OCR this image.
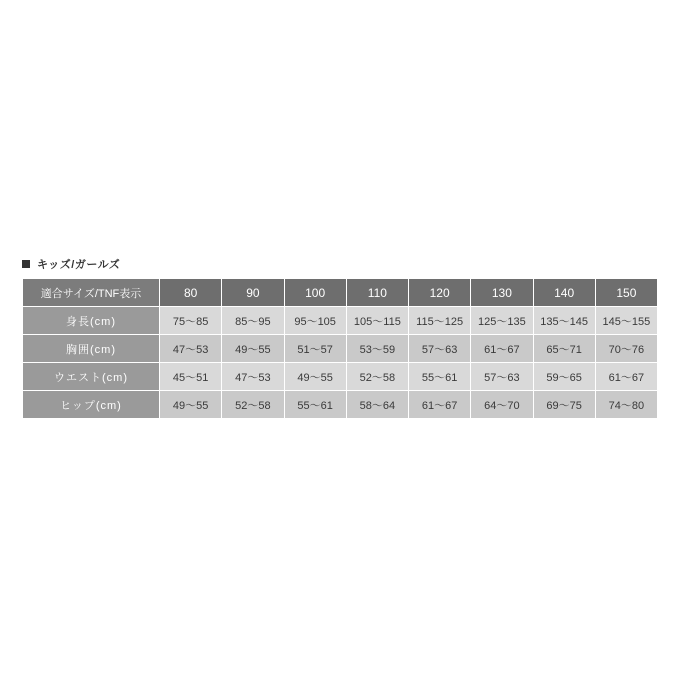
キッズ/ガールズ
適合サイズ/TNF表示	80	90	100	110	120	130	140	150
身長(cm)	75〜85	85〜95	95〜105	105〜115	115〜125	125〜135	135〜145	145〜155
胸囲(cm)	47〜53	49〜55	51〜57	53〜59	57〜63	61〜67	65〜71	70〜76
ウエスト(cm)	45〜51	47〜53	49〜55	52〜58	55〜61	57〜63	59〜65	61〜67
ヒップ(cm)	49〜55	52〜58	55〜61	58〜64	61〜67	64〜70	69〜75	74〜80
